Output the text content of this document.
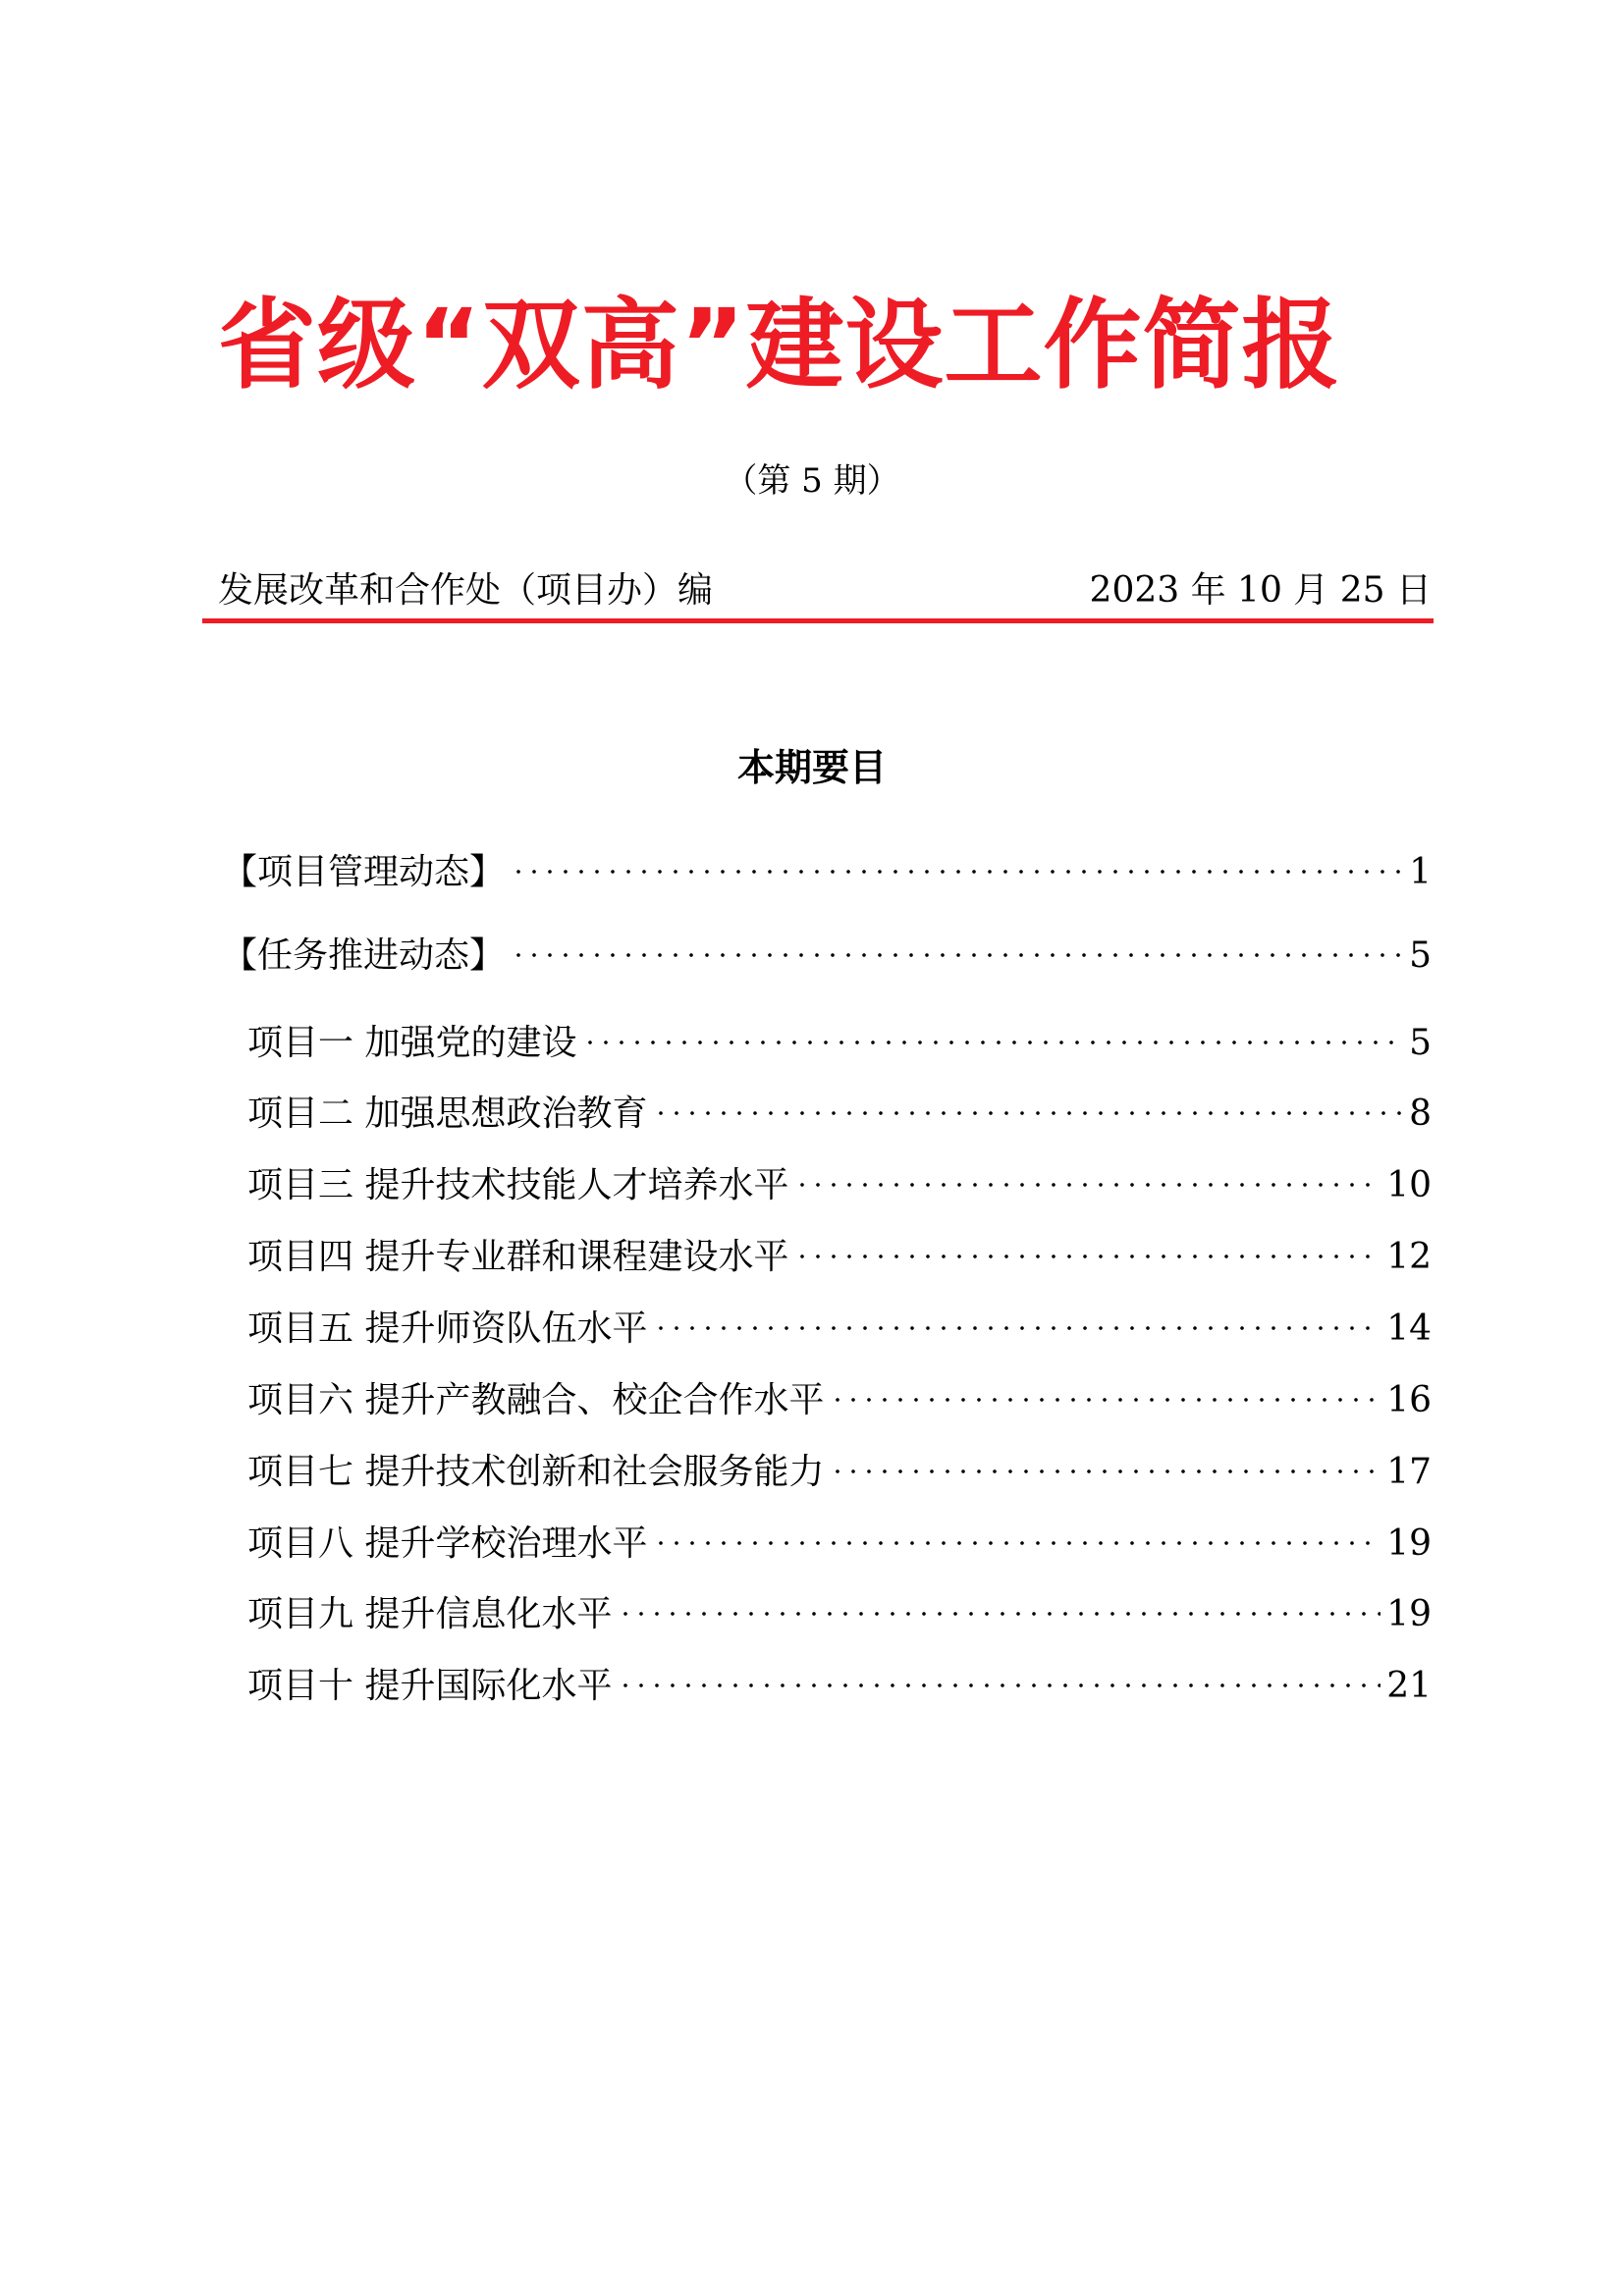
省级“双高”建设工作简报
（第 5 期）
发展改革和合作处（项目办）编	2023 年 10 月 25 日
本期要目
【项目管理动态】	1
【任务推进动态】	5
项目一 加强党的建设	5
项目二 加强思想政治教育	8
项目三 提升技术技能人才培养水平	10
项目四 提升专业群和课程建设水平	12
项目五 提升师资队伍水平	14
项目六 提升产教融合、校企合作水平	16
项目七 提升技术创新和社会服务能力	17
项目八 提升学校治理水平	19
项目九 提升信息化水平	19
项目十 提升国际化水平	21
